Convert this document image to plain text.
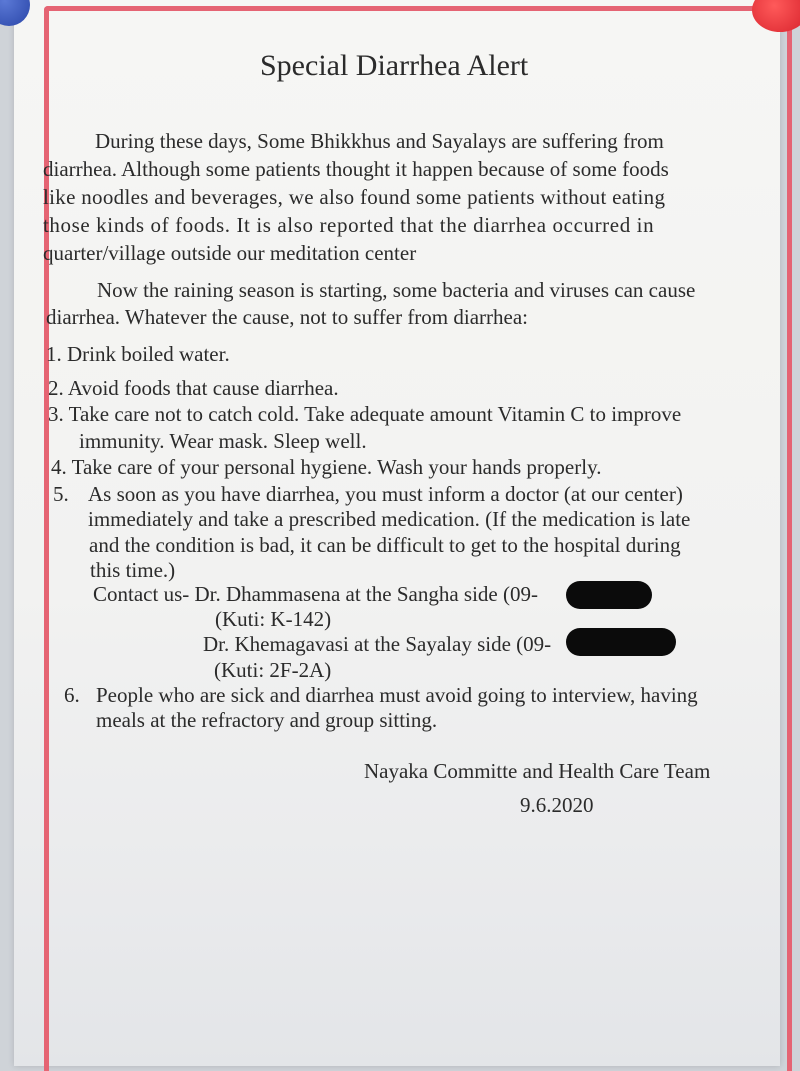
Special Diarrhea Alert
During these days, Some Bhikkhus and Sayalays are suffering from
diarrhea. Although some patients thought it happen because of some foods
like noodles and beverages, we also found some patients without eating
those kinds of foods. It is also reported that the diarrhea occurred in
quarter/village outside our meditation center
Now the raining season is starting, some bacteria and viruses can cause
diarrhea. Whatever the cause, not to suffer from diarrhea:
1. Drink boiled water.
2. Avoid foods that cause diarrhea.
3. Take care not to catch cold. Take adequate amount Vitamin C to improve
immunity. Wear mask. Sleep well.
4. Take care of your personal hygiene. Wash your hands properly.
5. As soon as you have diarrhea, you must inform a doctor (at our center)
immediately and take a prescribed medication. (If the medication is late
and the condition is bad, it can be difficult to get to the hospital during
this time.)
Contact us- Dr. Dhammasena at the Sangha side (09-
(Kuti: K-142)
Dr. Khemagavasi at the Sayalay side (09-
(Kuti: 2F-2A)
6. People who are sick and diarrhea must avoid going to interview, having
meals at the refractory and group sitting.
Nayaka Committe and Health Care Team
9.6.2020
